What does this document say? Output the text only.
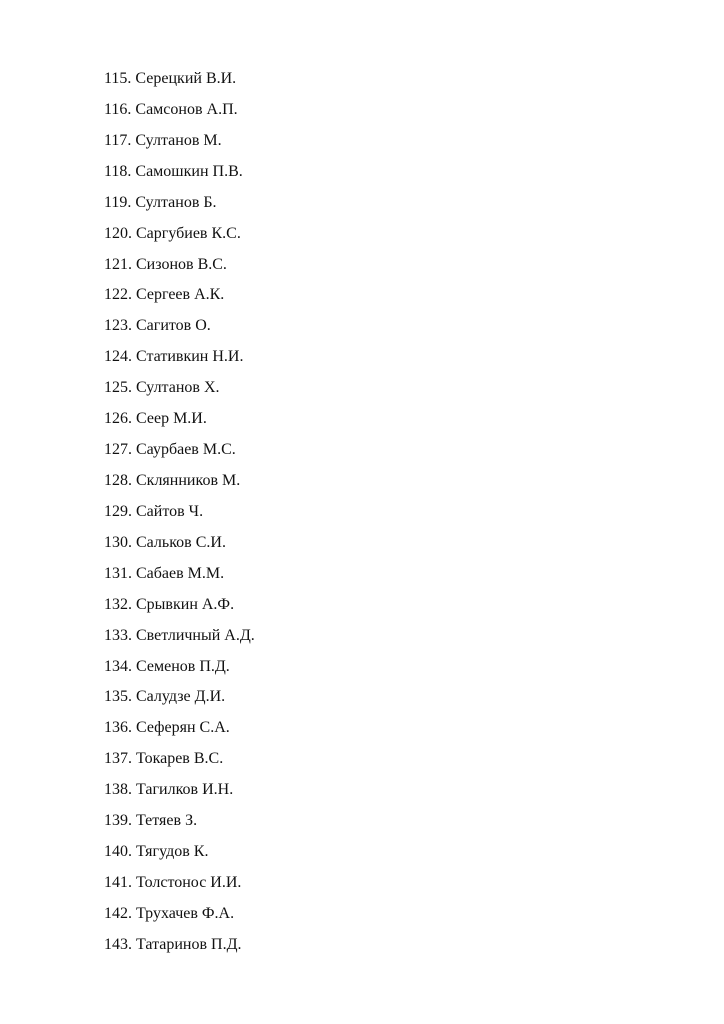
115. Серецкий В.И.
116. Самсонов А.П.
117. Султанов М.
118. Самошкин П.В.
119. Султанов Б.
120. Саргубиев К.С.
121. Сизонов В.С.
122. Сергеев А.К.
123. Сагитов О.
124. Стативкин Н.И.
125. Султанов Х.
126. Сеер М.И.
127. Саурбаев М.С.
128. Склянников М.
129. Сайтов Ч.
130. Сальков С.И.
131. Сабаев М.М.
132. Срывкин А.Ф.
133. Светличный А.Д.
134. Семенов П.Д.
135. Салудзе Д.И.
136. Сеферян С.А.
137. Токарев В.С.
138. Тагилков И.Н.
139. Тетяев З.
140. Тягудов К.
141. Толстонос И.И.
142. Трухачев Ф.А.
143. Татаринов П.Д.
